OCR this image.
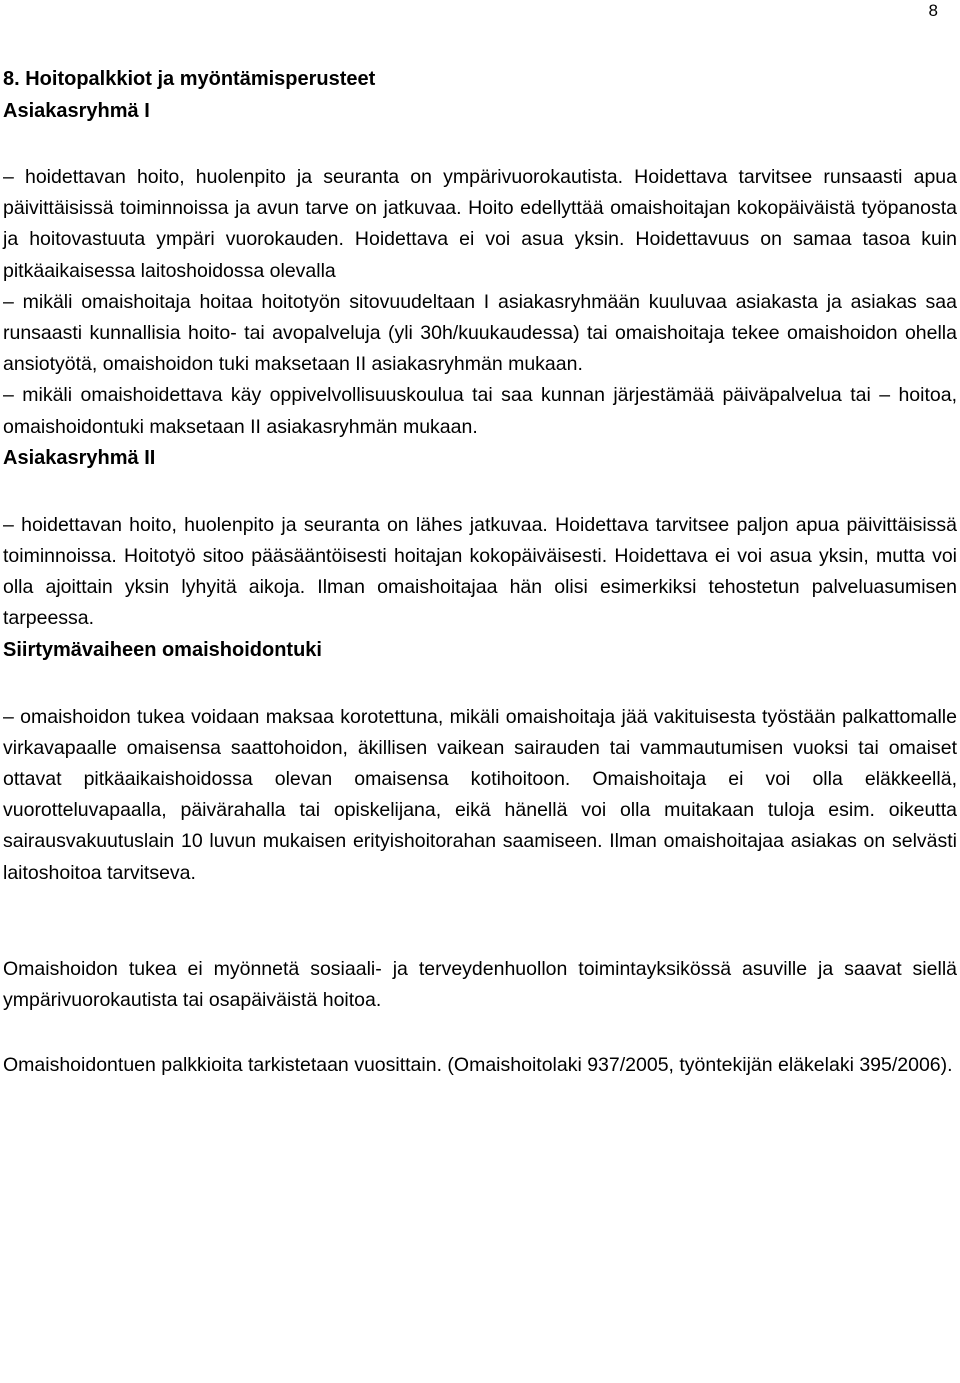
8
8. Hoitopalkkiot ja myöntämisperusteet
Asiakasryhmä I

– hoidettavan hoito, huolenpito ja seuranta on ympärivuorokautista. Hoidettava tarvitsee runsaasti apua päivittäisissä toiminnoissa ja avun tarve on jatkuvaa. Hoito edellyttää omaishoitajan kokopäiväistä työpanosta ja hoitovastuuta ympäri vuorokauden. Hoidettava ei voi asua yksin. Hoidettavuus on samaa tasoa kuin pitkäaikaisessa laitoshoidossa olevalla

– mikäli omaishoitaja hoitaa hoitotyön sitovuudeltaan I asiakasryhmään kuuluvaa asiakasta ja asiakas saa runsaasti kunnallisia hoito- tai avopalveluja (yli 30h/kuukaudessa) tai omaishoitaja tekee omaishoidon ohella ansiotyötä, omaishoidon tuki maksetaan II asiakasryhmän mukaan.

– mikäli omaishoidettava käy oppivelvollisuuskoulua tai saa kunnan järjestämää päiväpalvelua tai – hoitoa, omaishoidontuki maksetaan II asiakasryhmän mukaan.

Asiakasryhmä II

– hoidettavan hoito, huolenpito ja seuranta on lähes jatkuvaa. Hoidettava tarvitsee paljon apua päivittäisissä toiminnoissa. Hoitotyö sitoo pääsääntöisesti hoitajan kokopäiväisesti. Hoidettava ei voi asua yksin, mutta voi olla ajoittain yksin lyhyitä aikoja. Ilman omaishoitajaa hän olisi esimerkiksi tehostetun palveluasumisen tarpeessa.

Siirtymävaiheen omaishoidontuki

– omaishoidon tukea voidaan maksaa korotettuna, mikäli omaishoitaja jää vakituisesta työstään palkattomalle virkavapaalle omaisensa saattohoidon, äkillisen vaikean sairauden tai vammautumisen vuoksi tai omaiset ottavat pitkäaikaishoidossa olevan omaisensa kotihoitoon. Omaishoitaja ei voi olla eläkkeellä, vuorotteluvapaalla, päivärahalla tai opiskelijana, eikä hänellä voi olla muitakaan tuloja esim. oikeutta sairausvakuutuslain 10 luvun mukaisen erityishoitorahan saamiseen. Ilman omaishoitajaa asiakas on selvästi laitoshoitoa tarvitseva.

Omaishoidon tukea ei myönnetä sosiaali- ja terveydenhuollon toimintayksikössä asuville ja saavat siellä ympärivuorokautista tai osapäiväistä hoitoa.

Omaishoidontuen palkkioita tarkistetaan vuosittain. (Omaishoitolaki 937/2005, työntekijän eläkelaki 395/2006).
